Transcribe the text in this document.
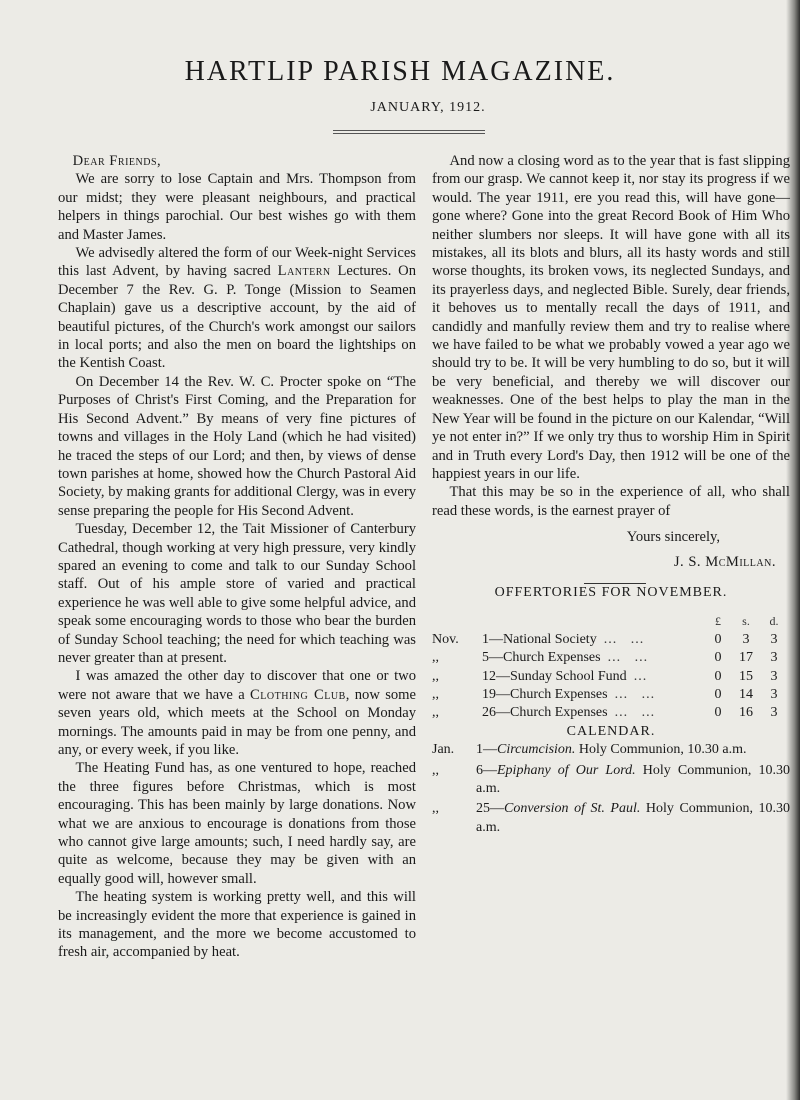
HARTLIP PARISH MAGAZINE.
JANUARY, 1912.

Dear Friends,

We are sorry to lose Captain and Mrs. Thompson from our midst; they were pleasant neighbours, and practical helpers in things parochial. Our best wishes go with them and Master James.

We advisedly altered the form of our Week-night Services this last Advent, by having sacred Lantern Lectures. On December 7 the Rev. G. P. Tonge (Mission to Seamen Chaplain) gave us a descriptive account, by the aid of beautiful pictures, of the Church's work amongst our sailors in local ports; and also the men on board the lightships on the Kentish Coast.

On December 14 the Rev. W. C. Procter spoke on “The Purposes of Christ's First Coming, and the Preparation for His Second Advent.” By means of very fine pictures of towns and villages in the Holy Land (which he had visited) he traced the steps of our Lord; and then, by views of dense town parishes at home, showed how the Church Pastoral Aid Society, by making grants for additional Clergy, was in every sense preparing the people for His Second Advent.

Tuesday, December 12, the Tait Missioner of Canterbury Cathedral, though working at very high pressure, very kindly spared an evening to come and talk to our Sunday School staff. Out of his ample store of varied and practical experience he was well able to give some helpful advice, and speak some encouraging words to those who bear the burden of Sunday School teaching; the need for which teaching was never greater than at present.

I was amazed the other day to discover that one or two were not aware that we have a Clothing Club, now some seven years old, which meets at the School on Monday mornings. The amounts paid in may be from one penny, and any, or every week, if you like.

The Heating Fund has, as one ventured to hope, reached the three figures before Christmas, which is most encouraging. This has been mainly by large donations. Now what we are anxious to encourage is donations from those who cannot give large amounts; such, I need hardly say, are quite as welcome, because they may be given with an equally good will, however small.

The heating system is working pretty well, and this will be increasingly evident the more that experience is gained in its management, and the more we become accustomed to fresh air, accompanied by heat.

And now a closing word as to the year that is fast slipping from our grasp. We cannot keep it, nor stay its progress if we would. The year 1911, ere you read this, will have gone—gone where? Gone into the great Record Book of Him Who neither slumbers nor sleeps. It will have gone with all its mistakes, all its blots and blurs, all its hasty words and still worse thoughts, its broken vows, its neglected Sundays, and its prayerless days, and neglected Bible. Surely, dear friends, it behoves us to mentally recall the days of 1911, and candidly and manfully review them and try to realise where we have failed to be what we probably vowed a year ago we should try to be. It will be very humbling to do so, but it will be very beneficial, and thereby we will discover our weaknesses. One of the best helps to play the man in the New Year will be found in the picture on our Kalendar, “Will ye not enter in?” If we only try thus to worship Him in Spirit and in Truth every Lord's Day, then 1912 will be one of the happiest years in our life.

That this may be so in the experience of all, who shall read these words, is the earnest prayer of

Yours sincerely,

J. S. McMillan.

OFFERTORIES FOR NOVEMBER.
		£	s.	d.
Nov.	1—National Society ...   ...	0	3	3
,,	5—Church Expenses ...   ...	0	17	3
,,	12—Sunday School Fund ...	0	15	3
,,	19—Church Expenses ...   ...	0	14	3
,,	26—Church Expenses ...   ...	0	16	3
CALENDAR.
Jan.	1—Circumcision. Holy Communion, 10.30 a.m.
,,	6—Epiphany of Our Lord. Holy Communion, 10.30 a.m.
,,	25—Conversion of St. Paul. Holy Communion, 10.30 a.m.
